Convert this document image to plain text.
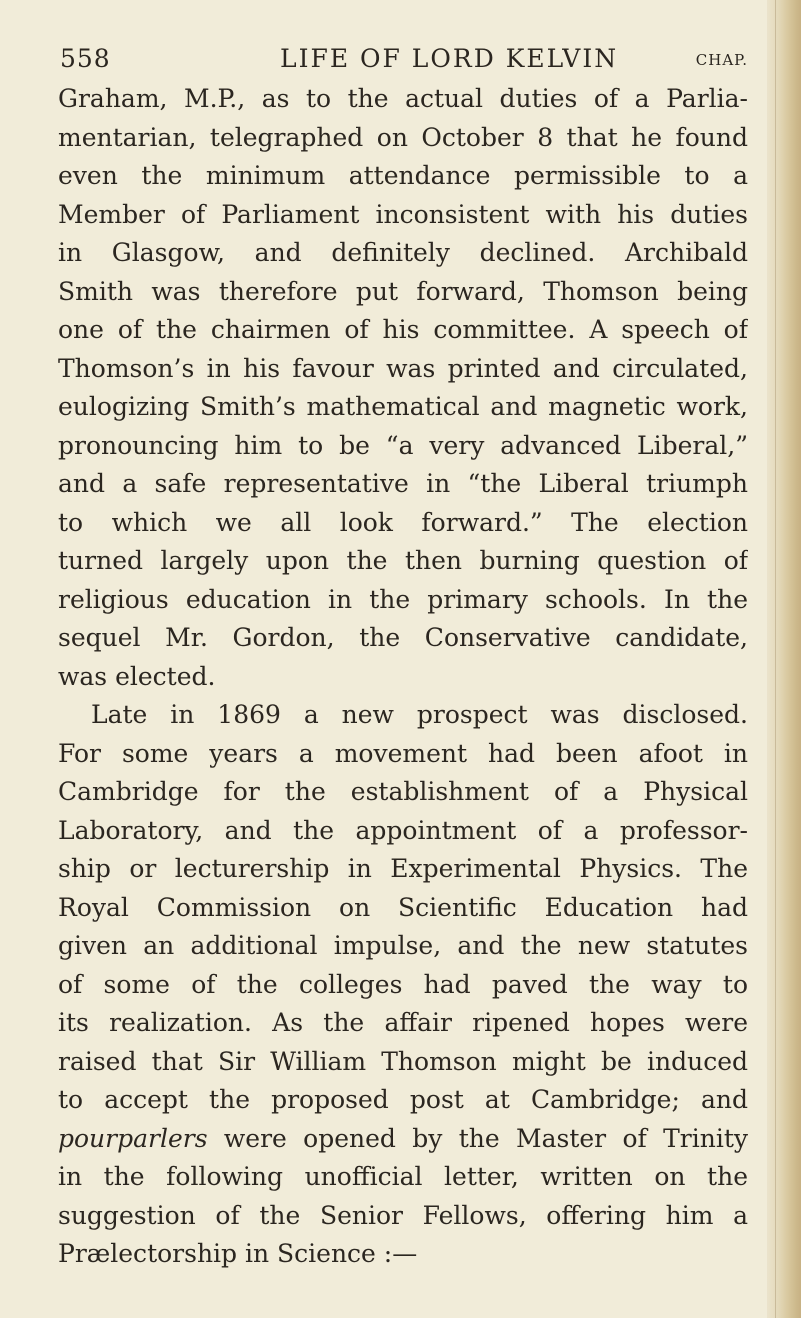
558	LIFE OF LORD KELVIN	CHAP.
Graham, M.P., as to the actual duties of a Parlia-
mentarian, telegraphed on October 8 that he found
even the minimum attendance permissible to a
Member of Parliament inconsistent with his duties
in Glasgow, and definitely declined. Archibald
Smith was therefore put forward, Thomson being
one of the chairmen of his committee. A speech of
Thomson’s in his favour was printed and circulated,
eulogizing Smith’s mathematical and magnetic work,
pronouncing him to be “a very advanced Liberal,”
and a safe representative in “the Liberal triumph
to which we all look forward.” The election
turned largely upon the then burning question of
religious education in the primary schools. In the
sequel Mr. Gordon, the Conservative candidate,
was elected.
Late in 1869 a new prospect was disclosed.
For some years a movement had been afoot in
Cambridge for the establishment of a Physical
Laboratory, and the appointment of a professor-
ship or lecturership in Experimental Physics. The
Royal Commission on Scientific Education had
given an additional impulse, and the new statutes
of some of the colleges had paved the way to
its realization. As the affair ripened hopes were
raised that Sir William Thomson might be induced
to accept the proposed post at Cambridge; and
pourparlers were opened by the Master of Trinity
in the following unofficial letter, written on the
suggestion of the Senior Fellows, offering him a
Prælectorship in Science :—
